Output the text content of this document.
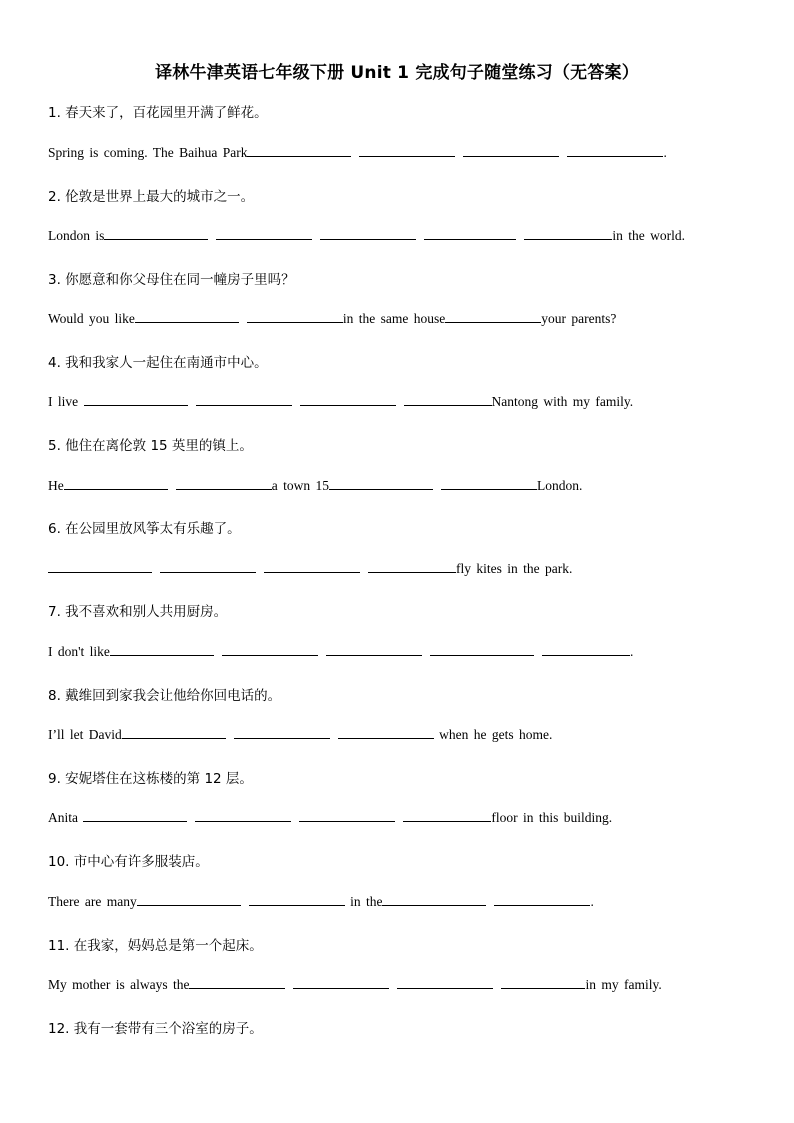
译林牛津英语七年级下册 Unit 1 完成句子随堂练习（无答案）
1. 春天来了，百花园里开满了鲜花。
Spring is coming. The Baihua Park	.
2. 伦敦是世界上最大的城市之一。
London is	in the world.
3. 你愿意和你父母住在同一幢房子里吗？
Would you like	in the same house	your parents?
4. 我和我家人一起住在南通市中心。
I live	Nantong with my family.
5. 他住在离伦敦 15 英里的镇上。
He	a town 15	London.
6. 在公园里放风筝太有乐趣了。
fly kites in the park.
7. 我不喜欢和别人共用厨房。
I don't like	.
8. 戴维回到家我会让他给你回电话的。
I’ll let David	when he gets home.
9. 安妮塔住在这栋楼的第 12 层。
Anita	floor in this building.
10. 市中心有许多服装店。
There are many	in the	.
11. 在我家，妈妈总是第一个起床。
My mother is always the	in my family.
12. 我有一套带有三个浴室的房子。
